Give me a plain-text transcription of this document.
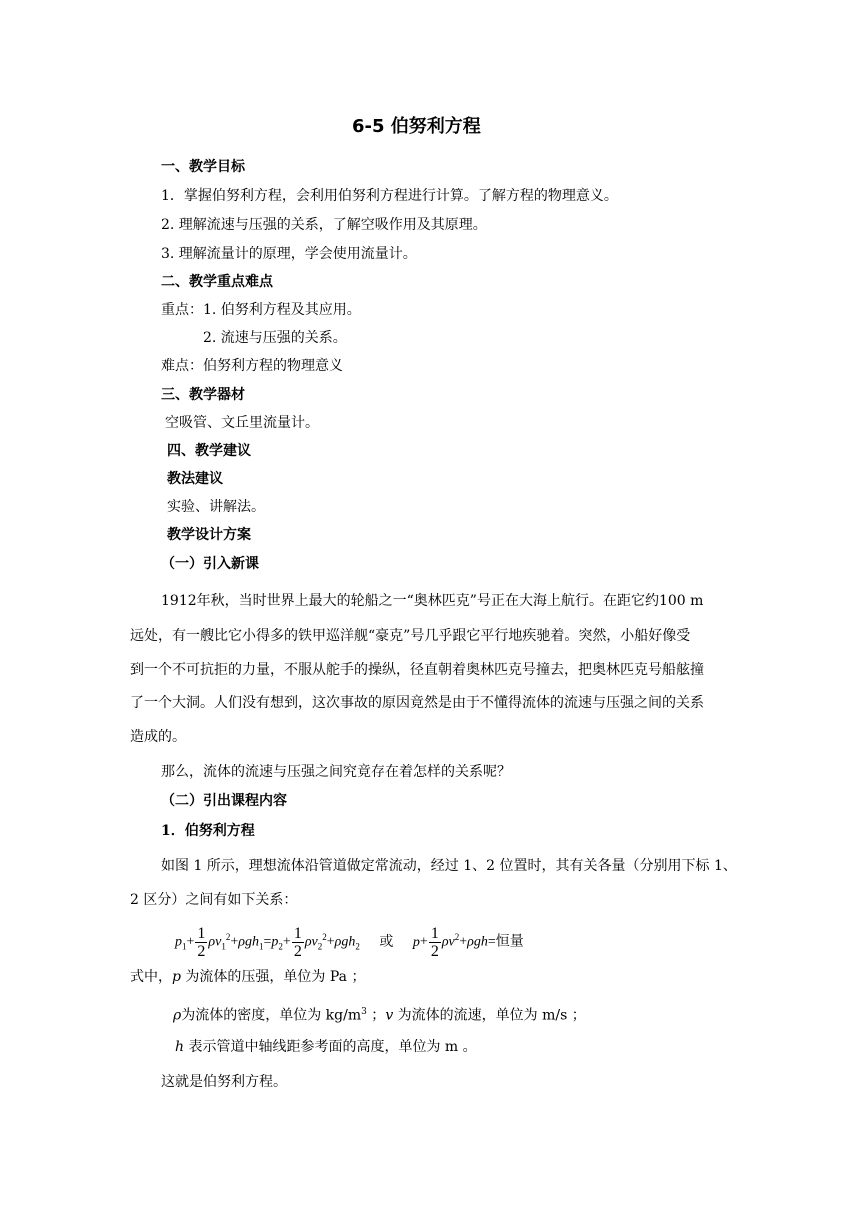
6-5 伯努利方程
一、教学目标
1．掌握伯努利方程，会利用伯努利方程进行计算。了解方程的物理意义。
2. 理解流速与压强的关系，了解空吸作用及其原理。
3. 理解流量计的原理，学会使用流量计。
二、教学重点难点
重点：1. 伯努利方程及其应用。
2. 流速与压强的关系。
难点：伯努利方程的物理意义
三、教学器材
空吸管、文丘里流量计。
四、教学建议
教法建议
实验、讲解法。
教学设计方案
（一）引入新课
1912年秋，当时世界上最大的轮船之一“奥林匹克”号正在大海上航行。在距它约100 m
远处，有一艘比它小得多的铁甲巡洋舰“豪克”号几乎跟它平行地疾驰着。突然，小船好像受
到一个不可抗拒的力量，不服从舵手的操纵，径直朝着奥林匹克号撞去，把奥林匹克号船舷撞
了一个大洞。人们没有想到，这次事故的原因竟然是由于不懂得流体的流速与压强之间的关系
造成的。
那么，流体的流速与压强之间究竟存在着怎样的关系呢？
（二）引出课程内容
1．伯努利方程
如图 1 所示，理想流体沿管道做定常流动，经过 1、2 位置时，其有关各量（分别用下标 1、
2 区分）之间有如下关系：
$p_1+ \frac{1}{2} \rho v_1^2+\rho gh_1=p_2+ \frac{1}{2} \rho v_2^2+\rho gh_2$ 或 $p+ \frac{1}{2} \rho v^2+\rho gh=$恒量
式中，p 为流体的压强，单位为 Pa ；
ρ为流体的密度，单位为 $kg/m^3$ ；v 为流体的流速，单位为 m/s ；
h 表示管道中轴线距参考面的高度，单位为 m 。
这就是伯努利方程。
